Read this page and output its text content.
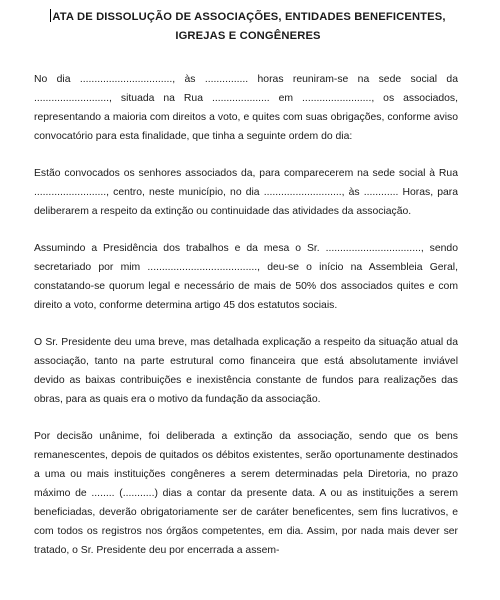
ATA DE DISSOLUÇÃO DE ASSOCIAÇÕES, ENTIDADES BENEFICENTES, IGREJAS E CONGÊNERES

No dia ................................, às ............... horas reuniram-se na sede social da .........................., situada na Rua .................... em ........................, os associados, representando a maioria com direitos a voto, e quites com suas obrigações, conforme aviso convocatório para esta finalidade, que tinha a seguinte ordem do dia:

Estão convocados os senhores associados da, para comparecerem na sede social à Rua ........................., centro, neste município, no dia ..........................., às ............ Horas, para deliberarem a respeito da extinção ou continuidade das atividades da associação.

Assumindo a Presidência dos trabalhos e da mesa o Sr. ................................., sendo secretariado por mim ......................................, deu-se o início na Assembleia Geral, constatando-se quorum legal e necessário de mais de 50% dos associados quites e com direito a voto, conforme determina artigo 45 dos estatutos sociais.

O Sr. Presidente deu uma breve, mas detalhada explicação a respeito da situação atual da associação, tanto na parte estrutural como financeira que está absolutamente inviável devido as baixas contribuições e inexistência constante de fundos para realizações das obras, para as quais era o motivo da fundação da associação.

Por decisão unânime, foi deliberada a extinção da associação, sendo que os bens remanescentes, depois de quitados os débitos existentes, serão oportunamente destinados a uma ou mais instituições congêneres a serem determinadas pela Diretoria, no prazo máximo de ........ (...........) dias a contar da presente data. A ou as instituições a serem beneficiadas, deverão obrigatoriamente ser de caráter beneficentes, sem fins lucrativos, e com todos os registros nos órgãos competentes, em dia. Assim, por nada mais dever ser tratado, o Sr. Presidente deu por encerrada a assem-
